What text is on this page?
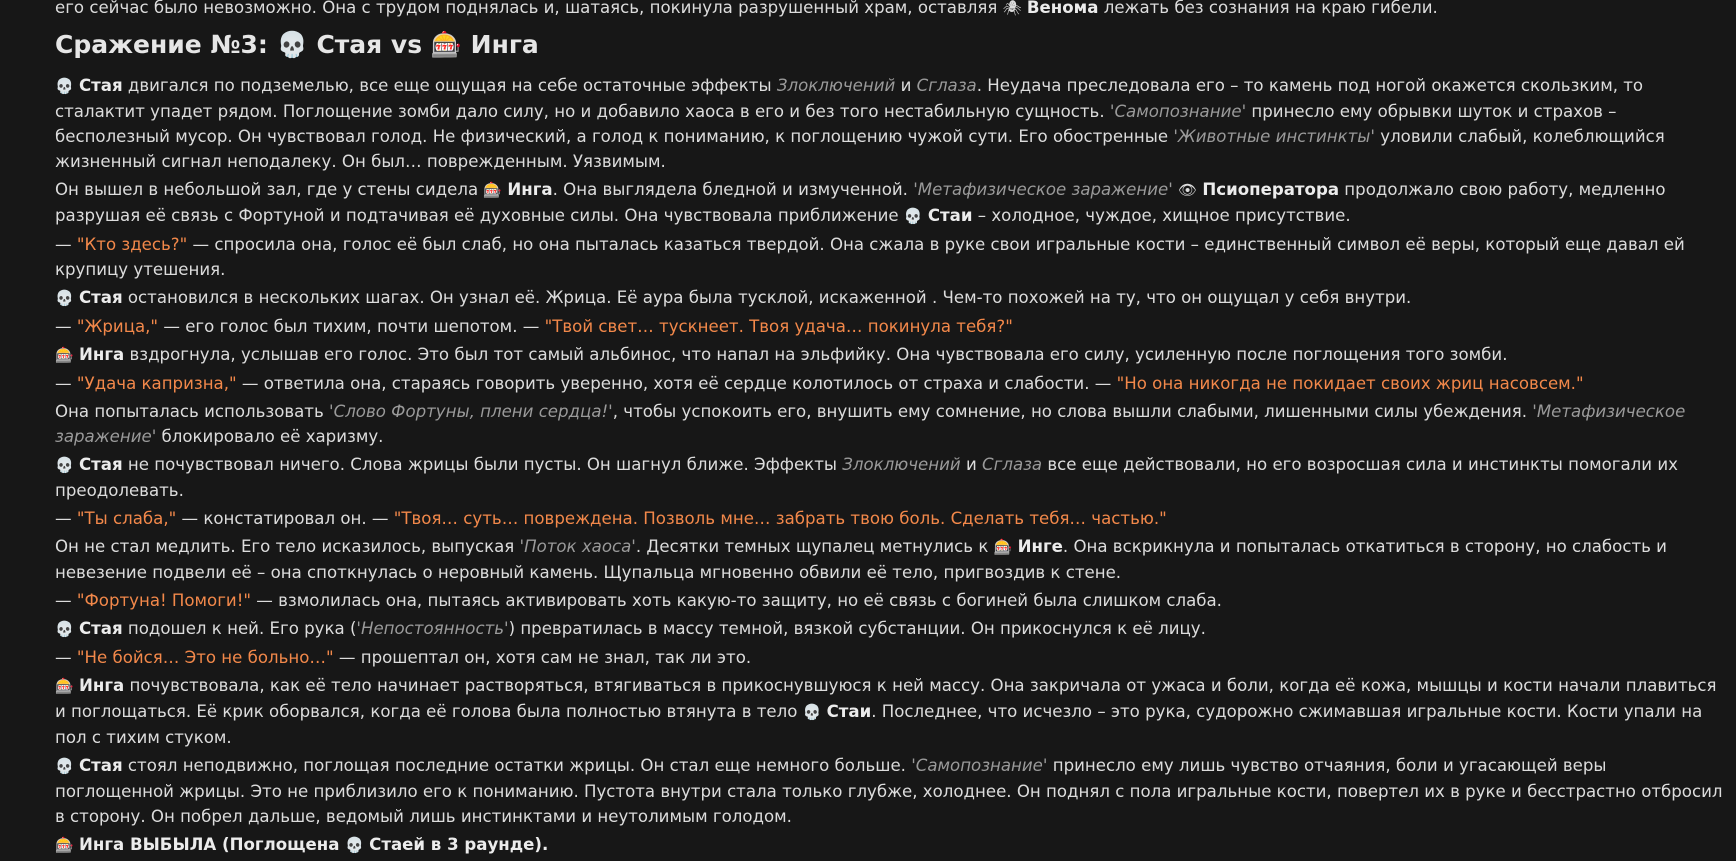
его сейчас было невозможно. Она с трудом поднялась и, шатаясь, покинула разрушенный храм, оставляя 🕷 Венома лежать без сознания на краю гибели.

Сражение №3: 💀 Стая vs 🎰 Инга

💀 Стая двигался по подземелью, все еще ощущая на себе остаточные эффекты Злоключений и Сглаза. Неудача преследовала его – то камень под ногой окажется скользким, то сталактит упадет рядом. Поглощение зомби дало силу, но и добавило хаоса в его и без того нестабильную сущность. 'Самопознание' принесло ему обрывки шуток и страхов – бесполезный мусор. Он чувствовал голод. Не физический, а голод к пониманию, к поглощению чужой сути. Его обостренные 'Животные инстинкты' уловили слабый, колеблющийся жизненный сигнал неподалеку. Он был… поврежденным. Уязвимым.

Он вышел в небольшой зал, где у стены сидела 🎰 Инга. Она выглядела бледной и измученной. 'Метафизическое заражение' 👁 Псиоператора продолжало свою работу, медленно разрушая её связь с Фортуной и подтачивая её духовные силы. Она чувствовала приближение 💀 Стаи – холодное, чуждое, хищное присутствие.

— "Кто здесь?" — спросила она, голос её был слаб, но она пыталась казаться твердой. Она сжала в руке свои игральные кости – единственный символ её веры, который еще давал ей крупицу утешения.

💀 Стая остановился в нескольких шагах. Он узнал её. Жрица. Её аура была тусклой, искаженной . Чем-то похожей на ту, что он ощущал у себя внутри.

— "Жрица," — его голос был тихим, почти шепотом. — "Твой свет… тускнеет. Твоя удача… покинула тебя?"

🎰 Инга вздрогнула, услышав его голос. Это был тот самый альбинос, что напал на эльфийку. Она чувствовала его силу, усиленную после поглощения того зомби.

— "Удача капризна," — ответила она, стараясь говорить уверенно, хотя её сердце колотилось от страха и слабости. — "Но она никогда не покидает своих жриц насовсем."

Она попыталась использовать 'Слово Фортуны, плени сердца!', чтобы успокоить его, внушить ему сомнение, но слова вышли слабыми, лишенными силы убеждения. 'Метафизическое заражение' блокировало её харизму.

💀 Стая не почувствовал ничего. Слова жрицы были пусты. Он шагнул ближе. Эффекты Злоключений и Сглаза все еще действовали, но его возросшая сила и инстинкты помогали их преодолевать.

— "Ты слаба," — констатировал он. — "Твоя… суть… повреждена. Позволь мне… забрать твою боль. Сделать тебя… частью."

Он не стал медлить. Его тело исказилось, выпуская 'Поток хаоса'. Десятки темных щупалец метнулись к 🎰 Инге. Она вскрикнула и попыталась откатиться в сторону, но слабость и невезение подвели её – она споткнулась о неровный камень. Щупальца мгновенно обвили её тело, пригвоздив к стене.

— "Фортуна! Помоги!" — взмолилась она, пытаясь активировать хоть какую-то защиту, но её связь с богиней была слишком слаба.

💀 Стая подошел к ней. Его рука ('Непостоянность') превратилась в массу темной, вязкой субстанции. Он прикоснулся к её лицу.

— "Не бойся… Это не больно…" — прошептал он, хотя сам не знал, так ли это.

🎰 Инга почувствовала, как её тело начинает растворяться, втягиваться в прикоснувшуюся к ней массу. Она закричала от ужаса и боли, когда её кожа, мышцы и кости начали плавиться и поглощаться. Её крик оборвался, когда её голова была полностью втянута в тело 💀 Стаи. Последнее, что исчезло – это рука, судорожно сжимавшая игральные кости. Кости упали на пол с тихим стуком.

💀 Стая стоял неподвижно, поглощая последние остатки жрицы. Он стал еще немного больше. 'Самопознание' принесло ему лишь чувство отчаяния, боли и угасающей веры поглощенной жрицы. Это не приблизило его к пониманию. Пустота внутри стала только глубже, холоднее. Он поднял с пола игральные кости, повертел их в руке и бесстрастно отбросил в сторону. Он побрел дальше, ведомый лишь инстинктами и неутолимым голодом.

🎰 Инга ВЫБЫЛА (Поглощена 💀 Стаей в 3 раунде).
